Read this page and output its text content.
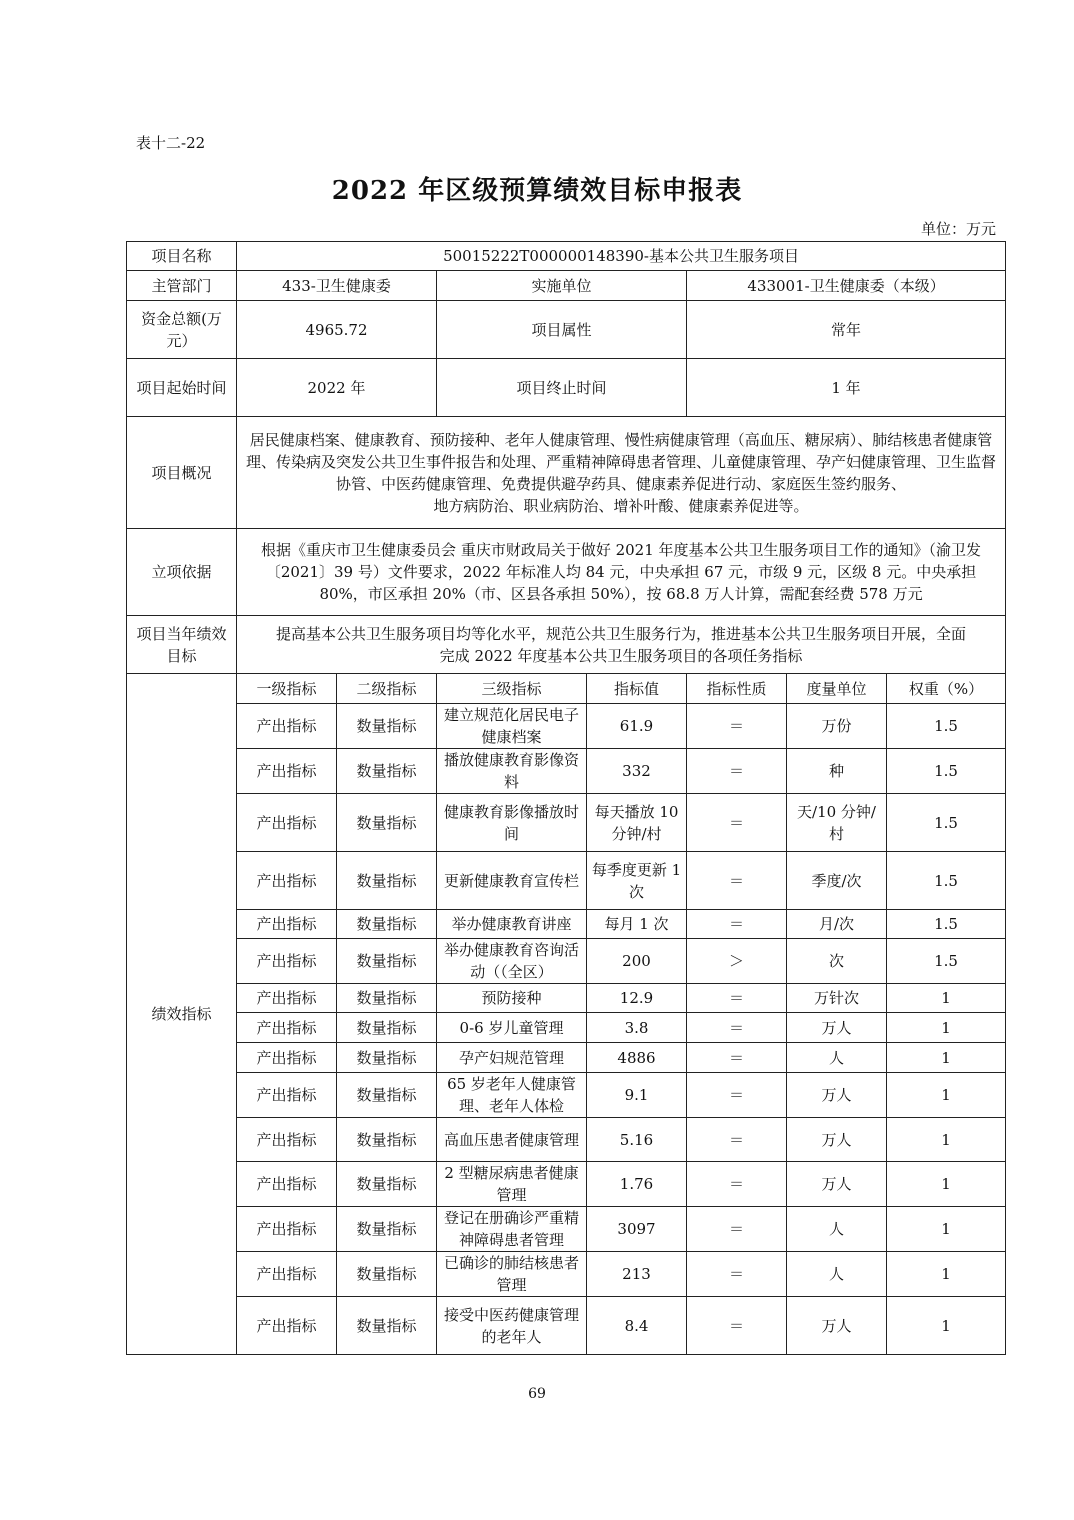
表十二-22
2022 年区级预算绩效目标申报表
单位：万元
项目名称	50015222T000000148390-基本公共卫生服务项目						
主管部门	433-卫生健康委		实施单位		433001-卫生健康委（本级）		
资金总额(万元）	4965.72		项目属性		常年		
项目起始时间	2022 年		项目终止时间		1 年		
项目概况	居民健康档案、健康教育、预防接种、老年人健康管理、慢性病健康管理（高血压、糖尿病）、肺结核患者健康管理、传染病及突发公共卫生事件报告和处理、严重精神障碍患者管理、儿童健康管理、孕产妇健康管理、卫生监督协管、中医药健康管理、免费提供避孕药具、健康素养促进行动、家庭医生签约服务、
地方病防治、职业病防治、增补叶酸、健康素养促进等。						

立项依据	根据《重庆市卫生健康委员会 重庆市财政局关于做好 2021 年度基本公共卫生服务项目工作的通知》（渝卫发〔2021〕39 号）文件要求，2022 年标准人均 84 元，中央承担 67 元，市级 9 元，区级 8 元。中央承担 80%，市区承担 20%（市、区县各承担 50%），按 68.8 万人计算，需配套经费 578 万元						
项目当年绩效目标	提高基本公共卫生服务项目均等化水平，规范公共卫生服务行为，推进基本公共卫生服务项目开展，全面
完成 2022 年度基本公共卫生服务项目的各项任务指标						

绩效指标	一级指标	二级指标	三级指标	指标值	指标性质	度量单位	权重（%）
	产出指标	数量指标	建立规范化居民电子健康档案	61.9	＝	万份	1.5
	产出指标	数量指标	播放健康教育影像资料	332	＝	种	1.5
	产出指标	数量指标	健康教育影像播放时间	每天播放 10 分钟/村	＝	天/10 分钟/村	1.5
	产出指标	数量指标	更新健康教育宣传栏	每季度更新 1 次	＝	季度/次	1.5
	产出指标	数量指标	举办健康教育讲座	每月 1 次	＝	月/次	1.5
	产出指标	数量指标	举办健康教育咨询活动（（全区）	200	＞	次	1.5
	产出指标	数量指标	预防接种	12.9	＝	万针次	1
	产出指标	数量指标	0-6 岁儿童管理	3.8	＝	万人	1
	产出指标	数量指标	孕产妇规范管理	4886	＝	人	1
	产出指标	数量指标	65 岁老年人健康管理、老年人体检	9.1	＝	万人	1
	产出指标	数量指标	高血压患者健康管理	5.16	＝	万人	1
	产出指标	数量指标	2 型糖尿病患者健康管理	1.76	＝	万人	1
	产出指标	数量指标	登记在册确诊严重精神障碍患者管理	3097	＝	人	1
	产出指标	数量指标	已确诊的肺结核患者管理	213	＝	人	1
	产出指标	数量指标	接受中医药健康管理的老年人	8.4	＝	万人	1
69
